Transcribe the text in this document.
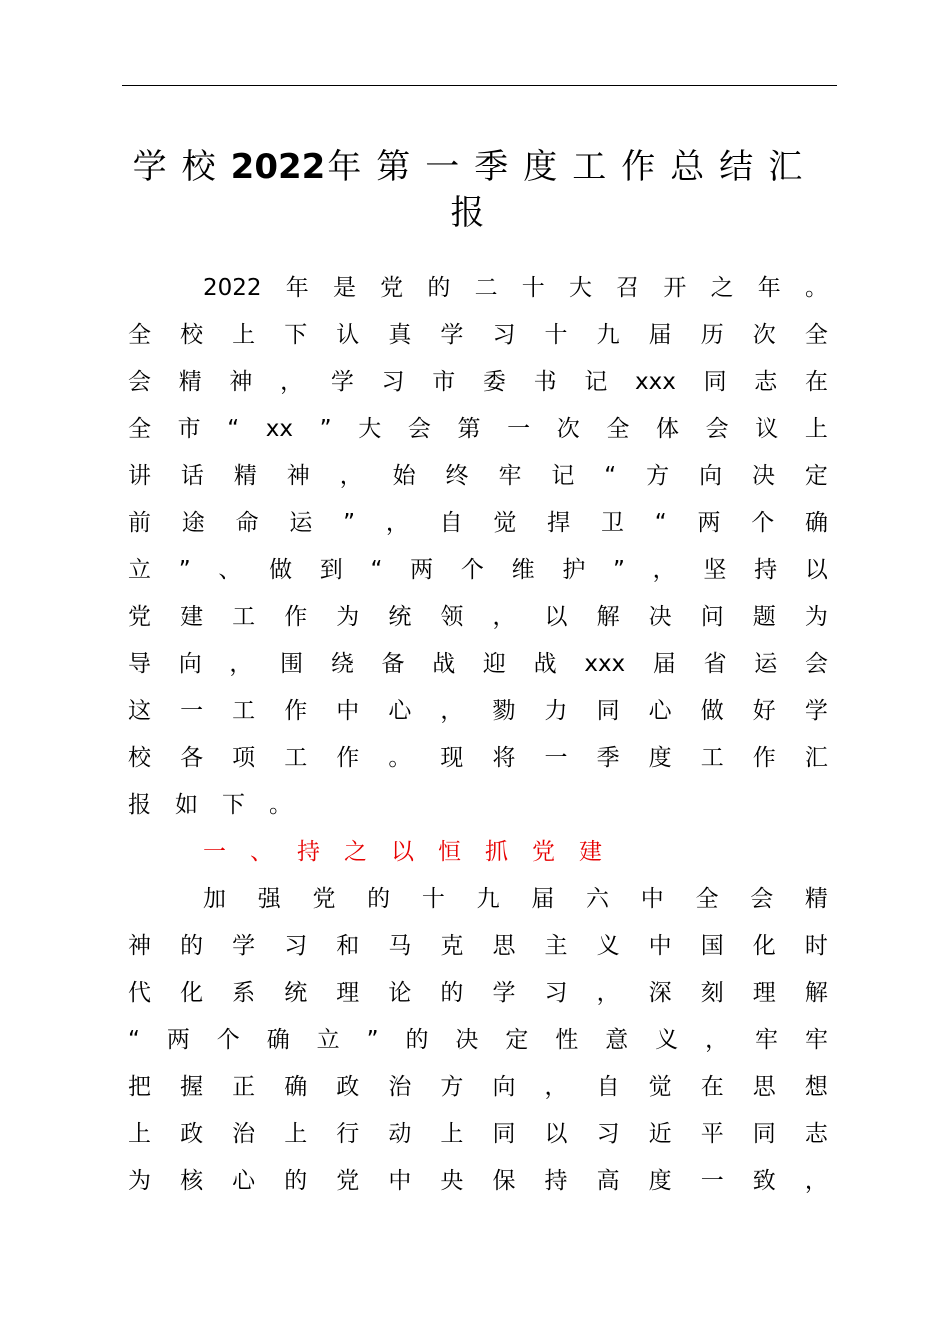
学校2022年第一季度工作总结汇
报
2022 年 是 党 的 二 十 大 召 开 之 年 。
全 校 上 下 认 真 学 习 十 九 届 历 次 全
会 精 神 ， 学 习 市 委 书 记 xxx 同 志 在
全 市 “ xx ” 大 会 第 一 次 全 体 会 议 上
讲 话 精 神 ， 始 终 牢 记 “ 方 向 决 定
前 途 命 运 ” ， 自 觉 捍 卫 “ 两 个 确
立 ” 、 做 到 “ 两 个 维 护 ” ， 坚 持 以
党 建 工 作 为 统 领 ， 以 解 决 问 题 为
导 向 ， 围 绕 备 战 迎 战 xxx 届 省 运 会
这 一 工 作 中 心 ， 勠 力 同 心 做 好 学
校 各 项 工 作 。 现 将 一 季 度 工 作 汇
报 如 下 。
一 、 持 之 以 恒 抓 党 建
加 强 党 的 十 九 届 六 中 全 会 精
神 的 学 习 和 马 克 思 主 义 中 国 化 时
代 化 系 统 理 论 的 学 习 ， 深 刻 理 解
“ 两 个 确 立 ” 的 决 定 性 意 义 ， 牢 牢
把 握 正 确 政 治 方 向 ， 自 觉 在 思 想
上 政 治 上 行 动 上 同 以 习 近 平 同 志
为 核 心 的 党 中 央 保 持 高 度 一 致 ，
